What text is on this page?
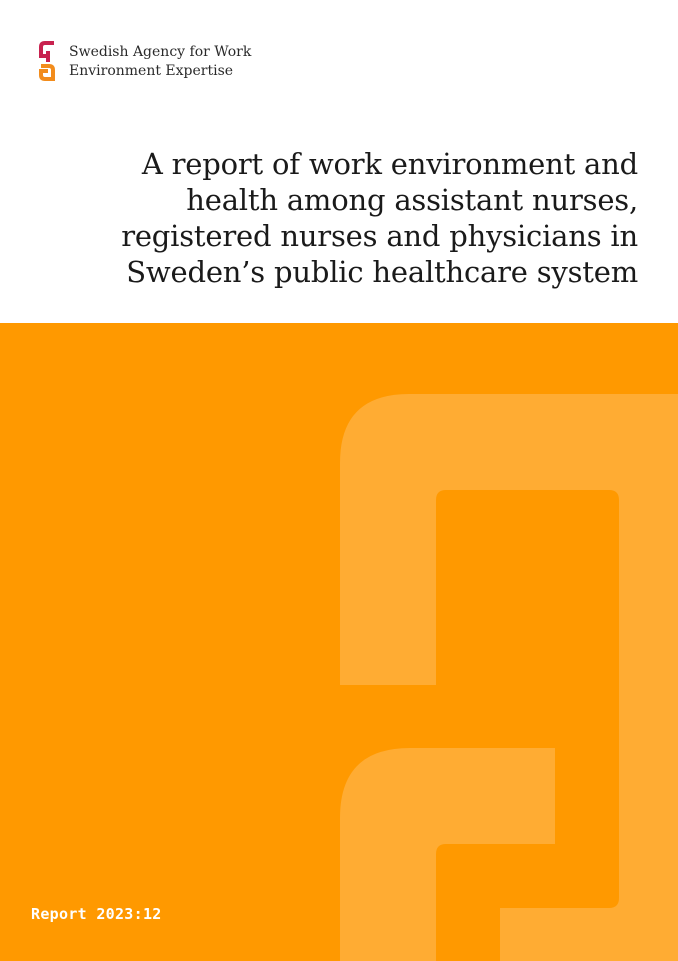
Swedish Agency for Work
Environment Expertise
A report of work environment and
health among assistant nurses,
registered nurses and physicians in
Sweden’s public healthcare system
Report 2023:12
